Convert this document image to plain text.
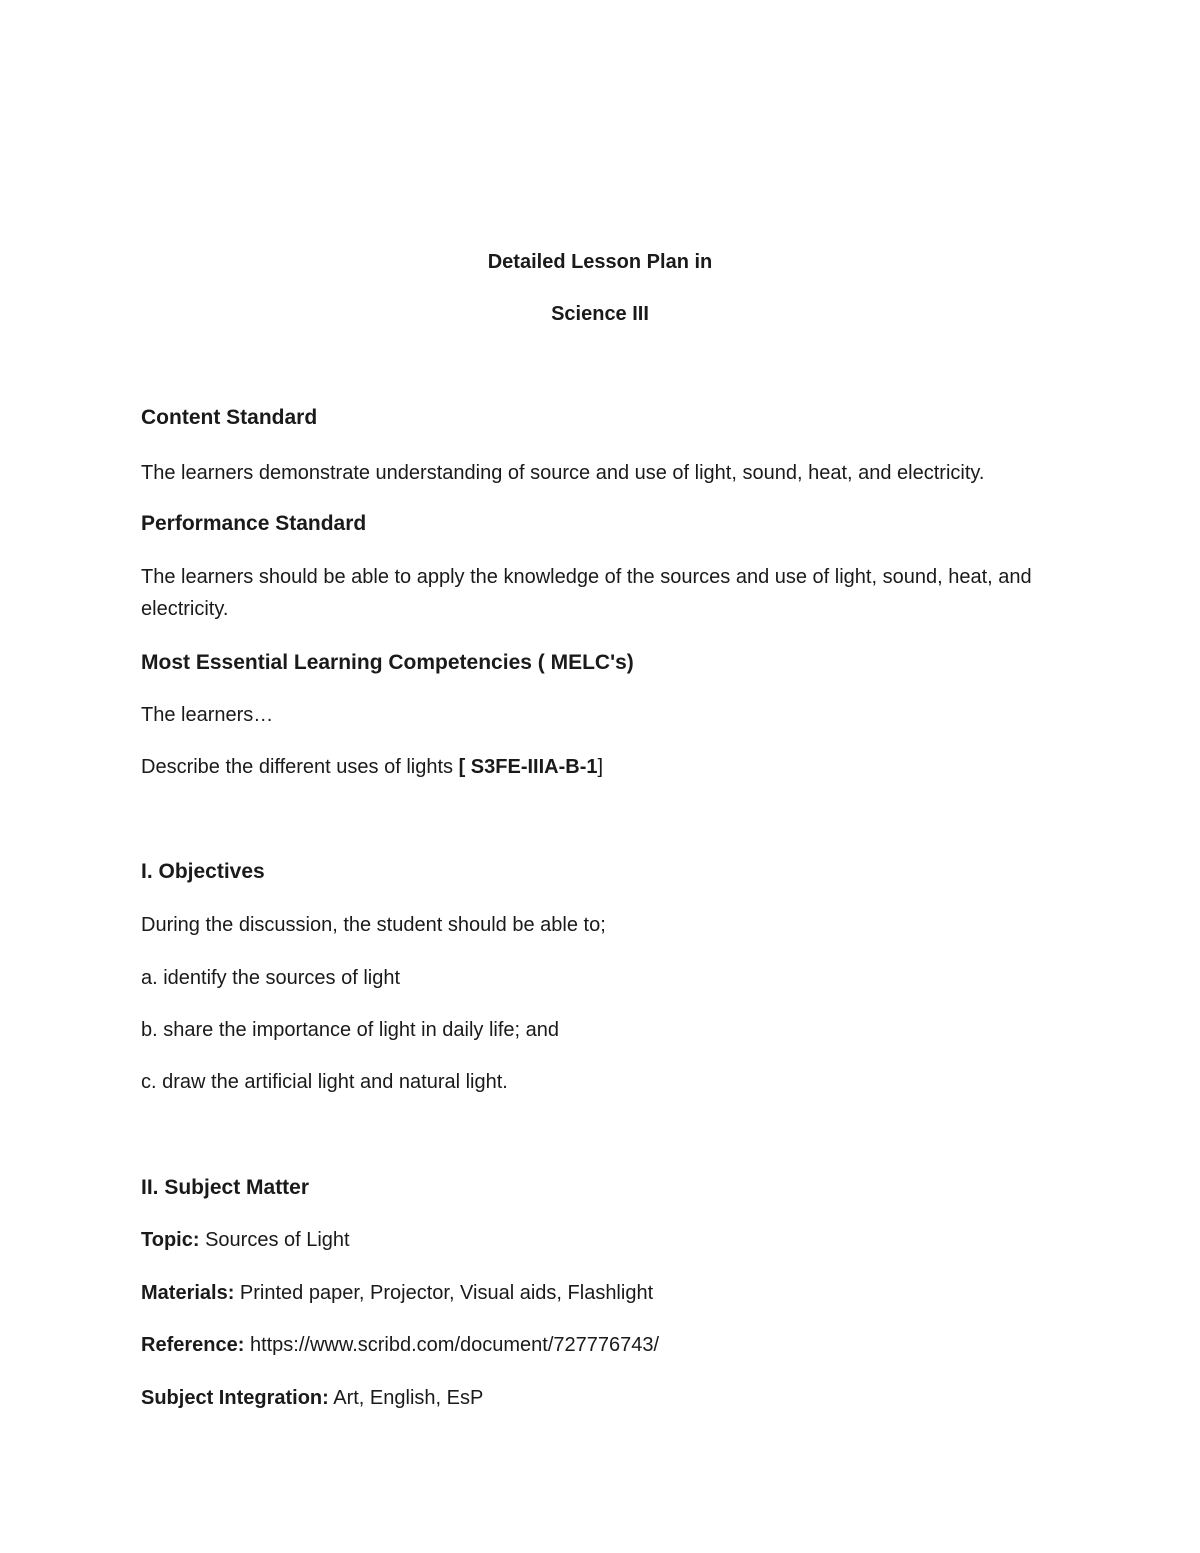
Detailed Lesson Plan in
Science III
Content Standard
The learners demonstrate understanding of source and use of light, sound, heat, and electricity.
Performance Standard
The learners should be able to apply the knowledge of the sources and use of light, sound, heat, and electricity.
Most Essential Learning Competencies ( MELC's)
The learners…
Describe the different uses of lights [ S3FE-IIIA-B-1]
I. Objectives
During the discussion, the student should be able to;
a. identify the sources of light
b. share the importance of light in daily life; and
c. draw the artificial light and natural light.
II. Subject Matter
Topic: Sources of Light
Materials: Printed paper, Projector, Visual aids, Flashlight
Reference: https://www.scribd.com/document/727776743/
Subject Integration: Art, English, EsP
